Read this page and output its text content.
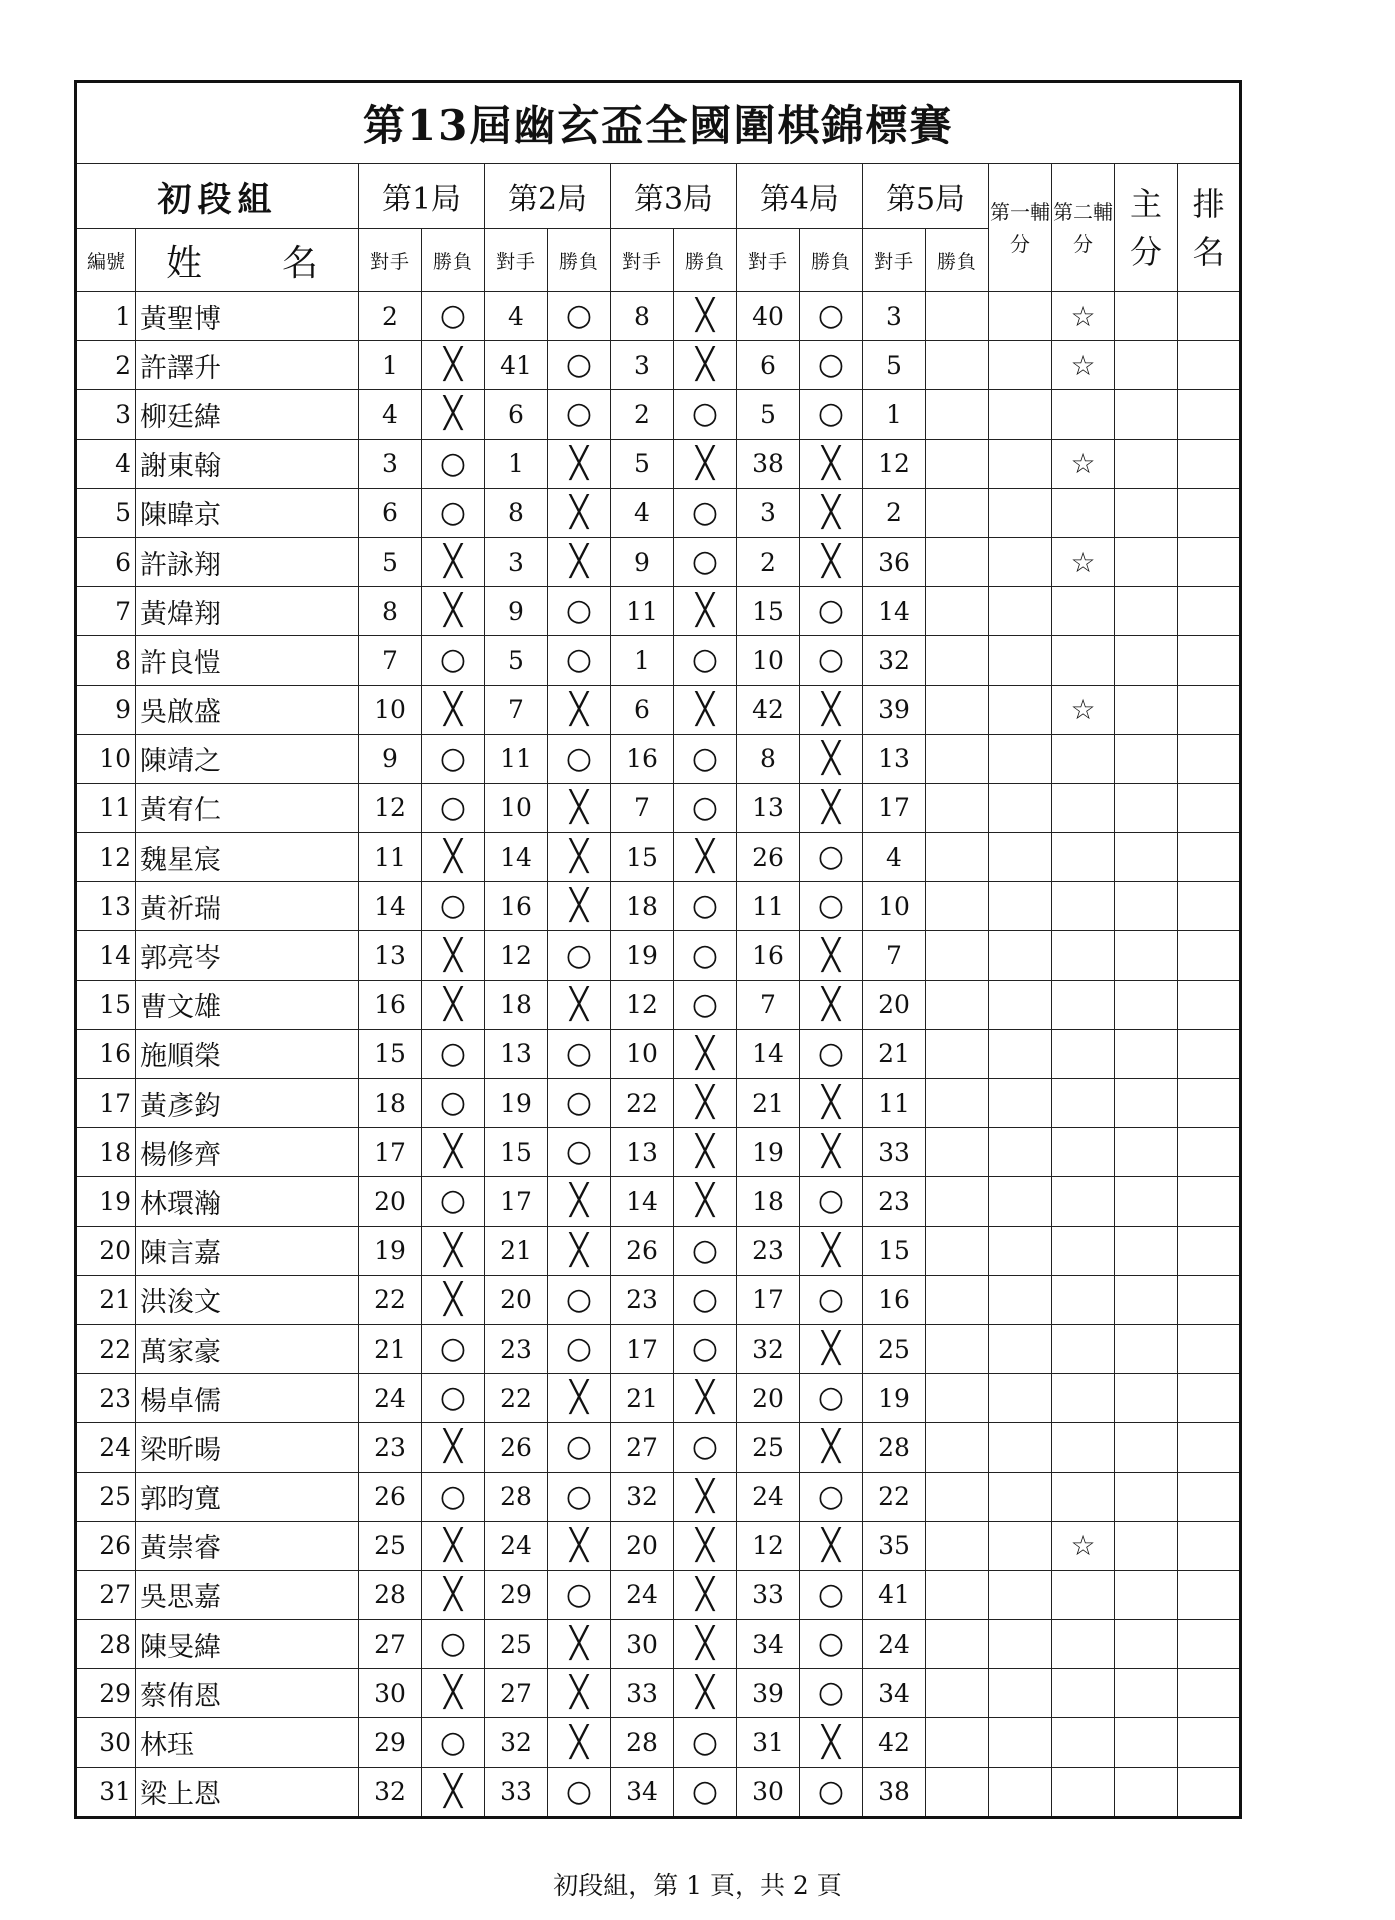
第13屆幽玄盃全國圍棋錦標賽															
初段組		第1局		第2局		第3局		第4局		第5局		第一輔分	第二輔分	主分	排名
編號	姓 名	對手	勝負	對手	勝負	對手	勝負	對手	勝負	對手	勝負				
1	黃聖博	2	○	4	○	8	╳	40	○	3			☆		
2	許譯升	1	╳	41	○	3	╳	6	○	5			☆		
3	柳廷緯	4	╳	6	○	2	○	5	○	1					
4	謝東翰	3	○	1	╳	5	╳	38	╳	12			☆		
5	陳暐京	6	○	8	╳	4	○	3	╳	2					
6	許詠翔	5	╳	3	╳	9	○	2	╳	36			☆		
7	黃煒翔	8	╳	9	○	11	╳	15	○	14					
8	許良愷	7	○	5	○	1	○	10	○	32					
9	吳啟盛	10	╳	7	╳	6	╳	42	╳	39			☆		
10	陳靖之	9	○	11	○	16	○	8	╳	13					
11	黃宥仁	12	○	10	╳	7	○	13	╳	17					
12	魏星宸	11	╳	14	╳	15	╳	26	○	4					
13	黃祈瑞	14	○	16	╳	18	○	11	○	10					
14	郭亮岑	13	╳	12	○	19	○	16	╳	7					
15	曹文雄	16	╳	18	╳	12	○	7	╳	20					
16	施順榮	15	○	13	○	10	╳	14	○	21					
17	黃彥鈞	18	○	19	○	22	╳	21	╳	11					
18	楊修齊	17	╳	15	○	13	╳	19	╳	33					
19	林環瀚	20	○	17	╳	14	╳	18	○	23					
20	陳言嘉	19	╳	21	╳	26	○	23	╳	15					
21	洪浚文	22	╳	20	○	23	○	17	○	16					
22	萬家豪	21	○	23	○	17	○	32	╳	25					
23	楊卓儒	24	○	22	╳	21	╳	20	○	19					
24	梁昕暘	23	╳	26	○	27	○	25	╳	28					
25	郭昀寬	26	○	28	○	32	╳	24	○	22					
26	黃崇睿	25	╳	24	╳	20	╳	12	╳	35			☆		
27	吳思嘉	28	╳	29	○	24	╳	33	○	41					
28	陳旻緯	27	○	25	╳	30	╳	34	○	24					
29	蔡侑恩	30	╳	27	╳	33	╳	39	○	34					
30	林珏	29	○	32	╳	28	○	31	╳	42					
31	梁上恩	32	╳	33	○	34	○	30	○	38					
初段組，第 1 頁，共 2 頁
